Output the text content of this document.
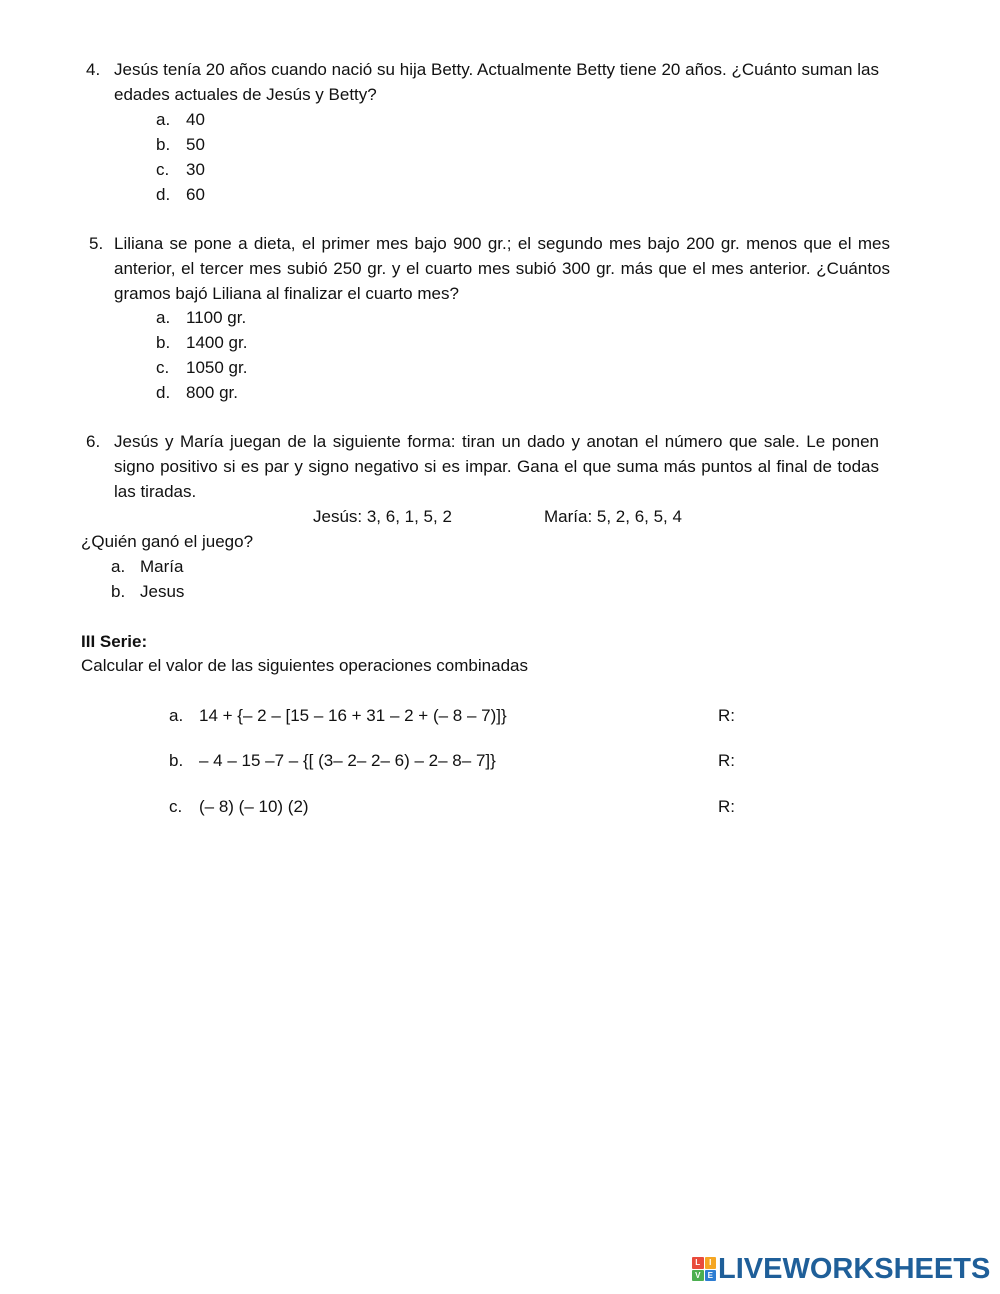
4. Jesús tenía 20 años cuando nació su hija Betty. Actualmente Betty tiene 20 años. ¿Cuánto suman las edades actuales de Jesús y Betty?
a. 40
b. 50
c. 30
d. 60
5. Liliana se pone a dieta, el primer mes bajo 900 gr.; el segundo mes bajo 200 gr. menos que el mes anterior, el tercer mes subió 250 gr. y el cuarto mes subió 300 gr. más que el mes anterior. ¿Cuántos gramos bajó Liliana al finalizar el cuarto mes?
a. 1100 gr.
b. 1400 gr.
c. 1050 gr.
d. 800 gr.
6. Jesús y María juegan de la siguiente forma: tiran un dado y anotan el número que sale. Le ponen signo positivo si es par y signo negativo si es impar. Gana el que suma más puntos al final de todas las tiradas.
Jesús: 3, 6, 1, 5, 2	María: 5, 2, 6, 5, 4
¿Quién ganó el juego?
a. María
b. Jesus
III Serie:
Calcular el valor de las siguientes operaciones combinadas
a. 14 + {– 2 – [15 – 16 + 31 – 2 + (– 8 – 7)]}	R:
b. – 4 – 15 –7 – {[ (3– 2– 2– 6) – 2– 8– 7]}	R:
c. (– 8) (– 10) (2)	R:
L	I
V E LIVEWORKSHEETS
